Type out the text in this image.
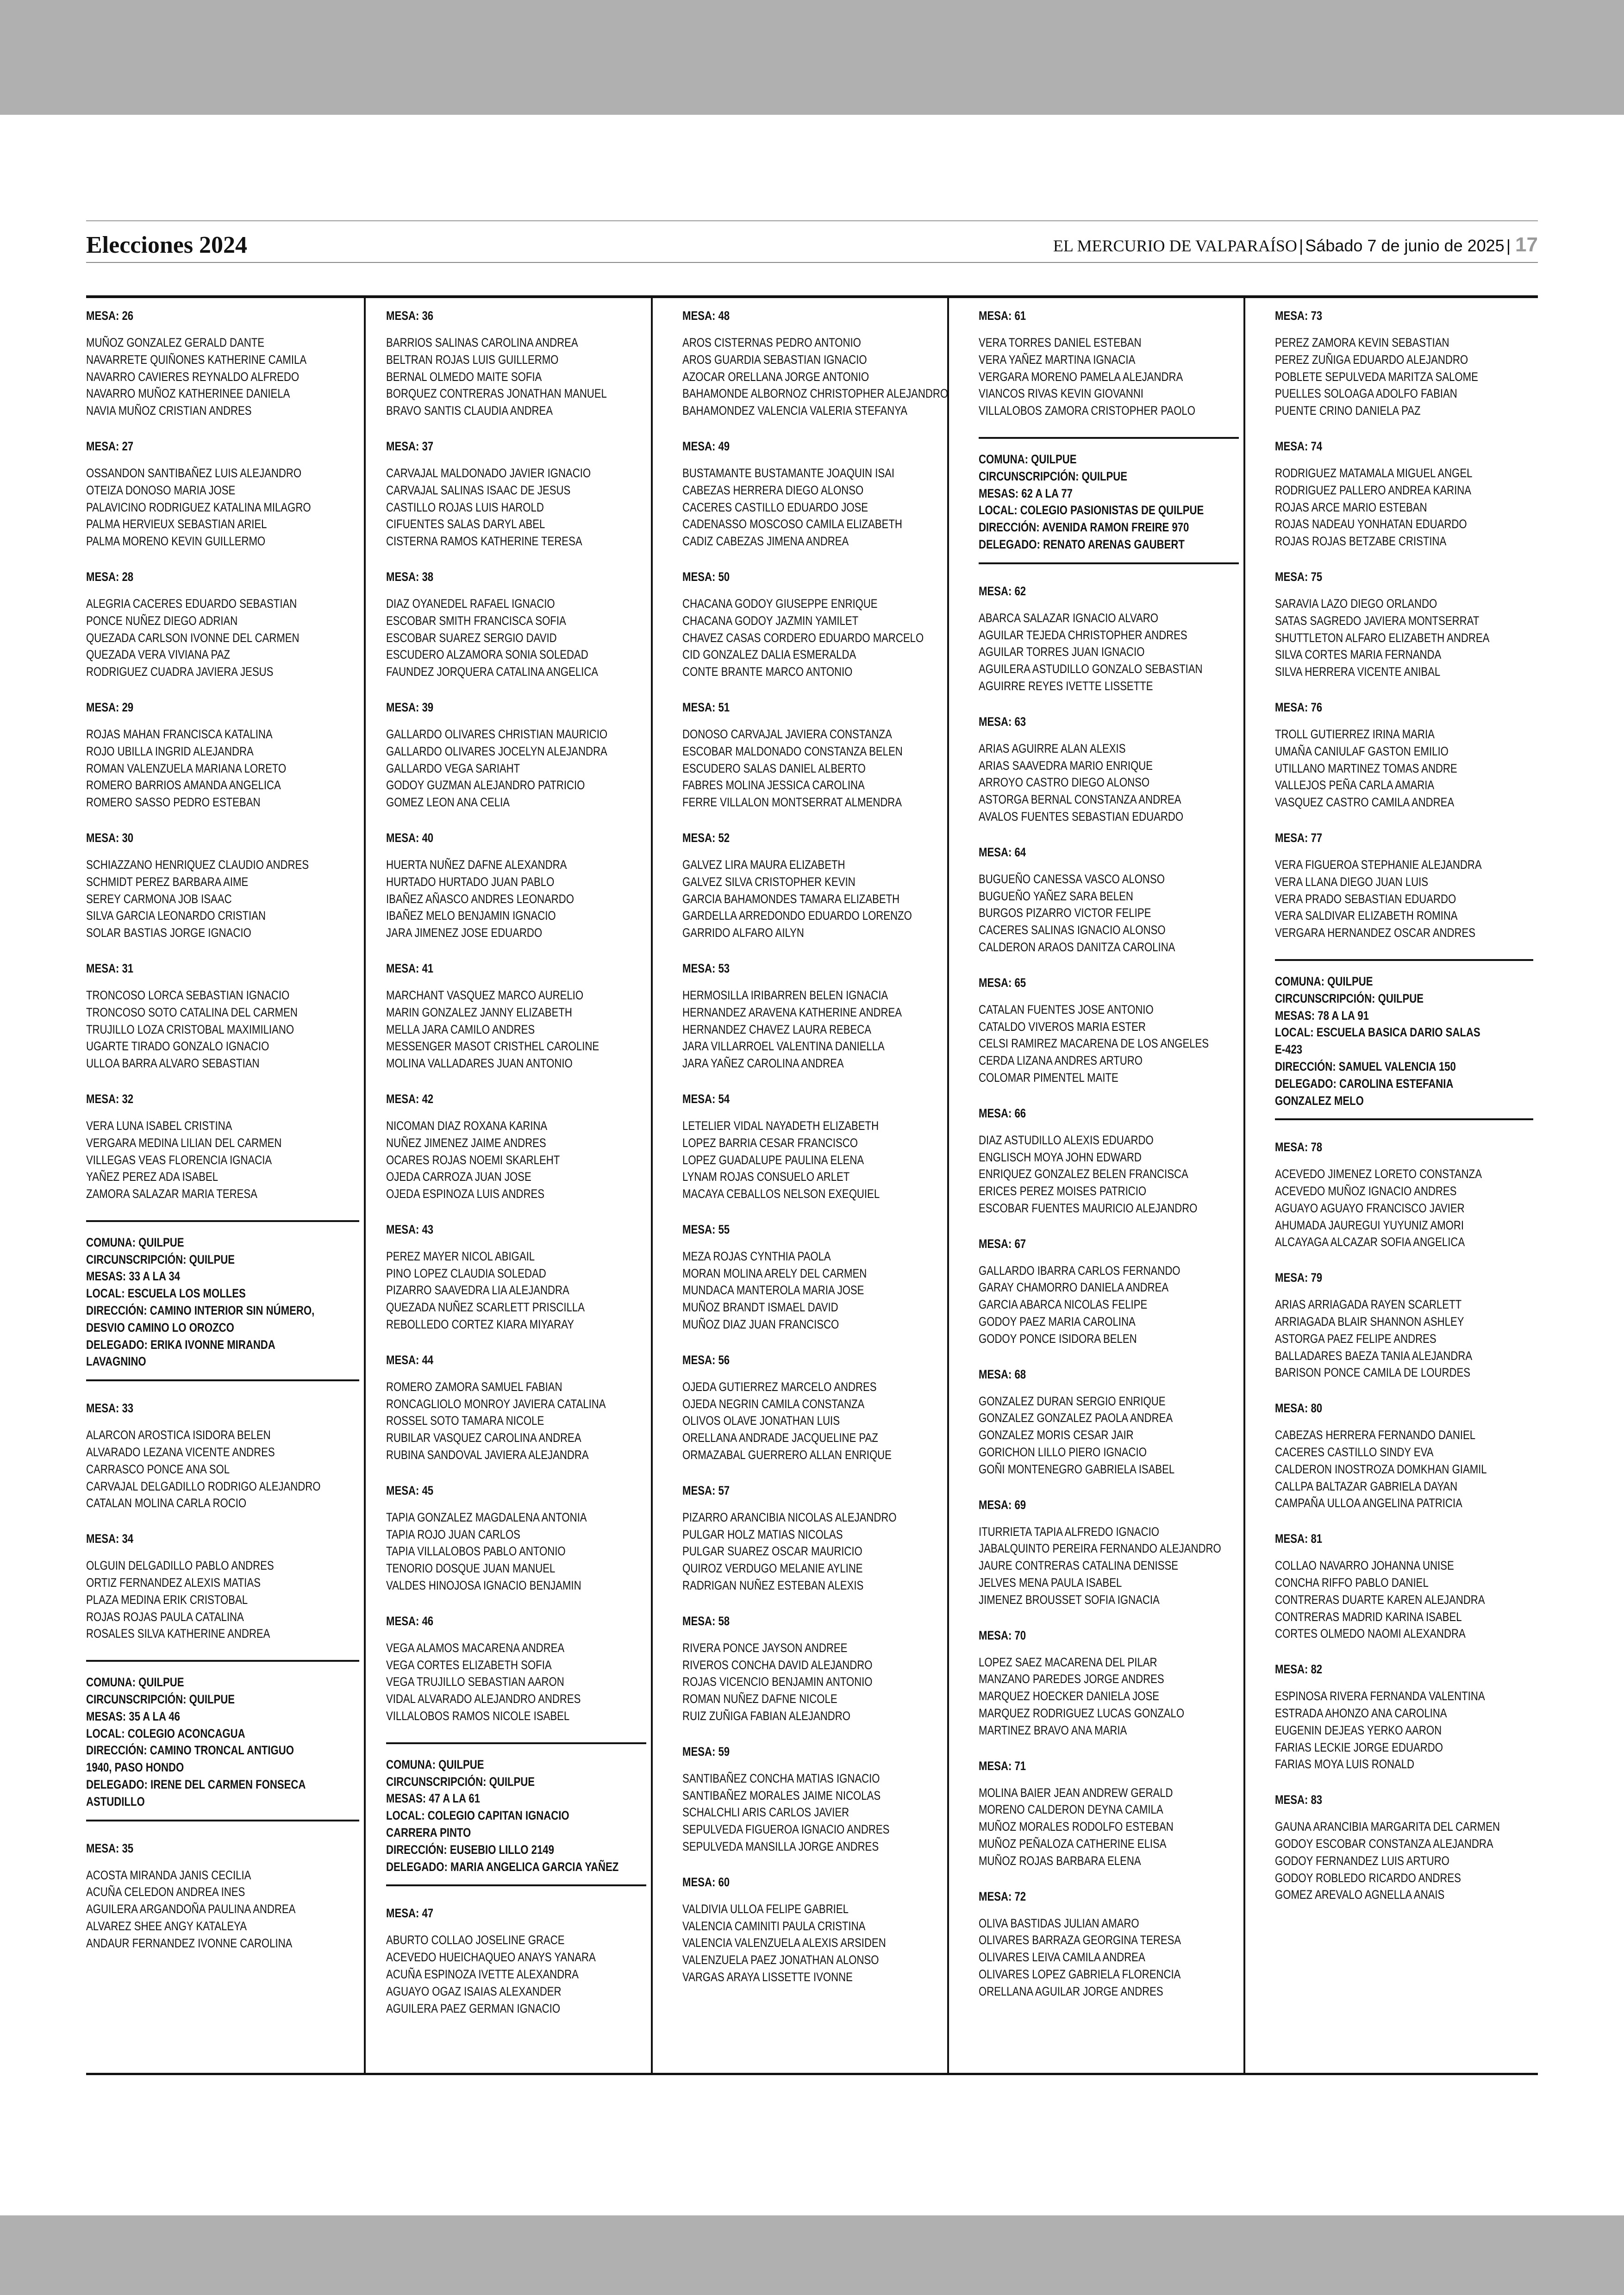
Elecciones 2024	EL MERCURIO DE VALPARAÍSO | Sábado 7 de junio de 2025 | 17
MESA: 26
MUÑOZ GONZALEZ GERALD DANTE
NAVARRETE QUIÑONES KATHERINE CAMILA
NAVARRO CAVIERES REYNALDO ALFREDO
NAVARRO MUÑOZ KATHERINEE DANIELA
NAVIA MUÑOZ CRISTIAN ANDRES
MESA: 27
OSSANDON SANTIBAÑEZ LUIS ALEJANDRO
OTEIZA DONOSO MARIA JOSE
PALAVICINO RODRIGUEZ KATALINA MILAGRO
PALMA HERVIEUX SEBASTIAN ARIEL
PALMA MORENO KEVIN GUILLERMO
MESA: 28
ALEGRIA CACERES EDUARDO SEBASTIAN
PONCE NUÑEZ DIEGO ADRIAN
QUEZADA CARLSON IVONNE DEL CARMEN
QUEZADA VERA VIVIANA PAZ
RODRIGUEZ CUADRA JAVIERA JESUS
MESA: 29
ROJAS MAHAN FRANCISCA KATALINA
ROJO UBILLA INGRID ALEJANDRA
ROMAN VALENZUELA MARIANA LORETO
ROMERO BARRIOS AMANDA ANGELICA
ROMERO SASSO PEDRO ESTEBAN
MESA: 30
SCHIAZZANO HENRIQUEZ CLAUDIO ANDRES
SCHMIDT PEREZ BARBARA AIME
SEREY CARMONA JOB ISAAC
SILVA GARCIA LEONARDO CRISTIAN
SOLAR BASTIAS JORGE IGNACIO
MESA: 31
TRONCOSO LORCA SEBASTIAN IGNACIO
TRONCOSO SOTO CATALINA DEL CARMEN
TRUJILLO LOZA CRISTOBAL MAXIMILIANO
UGARTE TIRADO GONZALO IGNACIO
ULLOA BARRA ALVARO SEBASTIAN
MESA: 32
VERA LUNA ISABEL CRISTINA
VERGARA MEDINA LILIAN DEL CARMEN
VILLEGAS VEAS FLORENCIA IGNACIA
YAÑEZ PEREZ ADA ISABEL
ZAMORA SALAZAR MARIA TERESA
COMUNA: QUILPUE
CIRCUNSCRIPCIÓN: QUILPUE
MESAS: 33 A LA 34
LOCAL: ESCUELA LOS MOLLES
DIRECCIÓN: CAMINO INTERIOR SIN NÚMERO,
DESVIO CAMINO LO OROZCO
DELEGADO: ERIKA IVONNE MIRANDA
LAVAGNINO
MESA: 33
ALARCON AROSTICA ISIDORA BELEN
ALVARADO LEZANA VICENTE ANDRES
CARRASCO PONCE ANA SOL
CARVAJAL DELGADILLO RODRIGO ALEJANDRO
CATALAN MOLINA CARLA ROCIO
MESA: 34
OLGUIN DELGADILLO PABLO ANDRES
ORTIZ FERNANDEZ ALEXIS MATIAS
PLAZA MEDINA ERIK CRISTOBAL
ROJAS ROJAS PAULA CATALINA
ROSALES SILVA KATHERINE ANDREA
COMUNA: QUILPUE
CIRCUNSCRIPCIÓN: QUILPUE
MESAS: 35 A LA 46
LOCAL: COLEGIO ACONCAGUA
DIRECCIÓN: CAMINO TRONCAL ANTIGUO
1940, PASO HONDO
DELEGADO: IRENE DEL CARMEN FONSECA
ASTUDILLO
MESA: 35
ACOSTA MIRANDA JANIS CECILIA
ACUÑA CELEDON ANDREA INES
AGUILERA ARGANDOÑA PAULINA ANDREA
ALVAREZ SHEE ANGY KATALEYA
ANDAUR FERNANDEZ IVONNE CAROLINA
MESA: 36
BARRIOS SALINAS CAROLINA ANDREA
BELTRAN ROJAS LUIS GUILLERMO
BERNAL OLMEDO MAITE SOFIA
BORQUEZ CONTRERAS JONATHAN MANUEL
BRAVO SANTIS CLAUDIA ANDREA
MESA: 37
CARVAJAL MALDONADO JAVIER IGNACIO
CARVAJAL SALINAS ISAAC DE JESUS
CASTILLO ROJAS LUIS HAROLD
CIFUENTES SALAS DARYL ABEL
CISTERNA RAMOS KATHERINE TERESA
MESA: 38
DIAZ OYANEDEL RAFAEL IGNACIO
ESCOBAR SMITH FRANCISCA SOFIA
ESCOBAR SUAREZ SERGIO DAVID
ESCUDERO ALZAMORA SONIA SOLEDAD
FAUNDEZ JORQUERA CATALINA ANGELICA
MESA: 39
GALLARDO OLIVARES CHRISTIAN MAURICIO
GALLARDO OLIVARES JOCELYN ALEJANDRA
GALLARDO VEGA SARIAHT
GODOY GUZMAN ALEJANDRO PATRICIO
GOMEZ LEON ANA CELIA
MESA: 40
HUERTA NUÑEZ DAFNE ALEXANDRA
HURTADO HURTADO JUAN PABLO
IBAÑEZ AÑASCO ANDRES LEONARDO
IBAÑEZ MELO BENJAMIN IGNACIO
JARA JIMENEZ JOSE EDUARDO
MESA: 41
MARCHANT VASQUEZ MARCO AURELIO
MARIN GONZALEZ JANNY ELIZABETH
MELLA JARA CAMILO ANDRES
MESSENGER MASOT CRISTHEL CAROLINE
MOLINA VALLADARES JUAN ANTONIO
MESA: 42
NICOMAN DIAZ ROXANA KARINA
NUÑEZ JIMENEZ JAIME ANDRES
OCARES ROJAS NOEMI SKARLEHT
OJEDA CARROZA JUAN JOSE
OJEDA ESPINOZA LUIS ANDRES
MESA: 43
PEREZ MAYER NICOL ABIGAIL
PINO LOPEZ CLAUDIA SOLEDAD
PIZARRO SAAVEDRA LIA ALEJANDRA
QUEZADA NUÑEZ SCARLETT PRISCILLA
REBOLLEDO CORTEZ KIARA MIYARAY
MESA: 44
ROMERO ZAMORA SAMUEL FABIAN
RONCAGLIOLO MONROY JAVIERA CATALINA
ROSSEL SOTO TAMARA NICOLE
RUBILAR VASQUEZ CAROLINA ANDREA
RUBINA SANDOVAL JAVIERA ALEJANDRA
MESA: 45
TAPIA GONZALEZ MAGDALENA ANTONIA
TAPIA ROJO JUAN CARLOS
TAPIA VILLALOBOS PABLO ANTONIO
TENORIO DOSQUE JUAN MANUEL
VALDES HINOJOSA IGNACIO BENJAMIN
MESA: 46
VEGA ALAMOS MACARENA ANDREA
VEGA CORTES ELIZABETH SOFIA
VEGA TRUJILLO SEBASTIAN AARON
VIDAL ALVARADO ALEJANDRO ANDRES
VILLALOBOS RAMOS NICOLE ISABEL
COMUNA: QUILPUE
CIRCUNSCRIPCIÓN: QUILPUE
MESAS: 47 A LA 61
LOCAL: COLEGIO CAPITAN IGNACIO
CARRERA PINTO
DIRECCIÓN: EUSEBIO LILLO 2149
DELEGADO: MARIA ANGELICA GARCIA YAÑEZ
MESA: 47
ABURTO COLLAO JOSELINE GRACE
ACEVEDO HUEICHAQUEO ANAYS YANARA
ACUÑA ESPINOZA IVETTE ALEXANDRA
AGUAYO OGAZ ISAIAS ALEXANDER
AGUILERA PAEZ GERMAN IGNACIO
MESA: 48
AROS CISTERNAS PEDRO ANTONIO
AROS GUARDIA SEBASTIAN IGNACIO
AZOCAR ORELLANA JORGE ANTONIO
BAHAMONDE ALBORNOZ CHRISTOPHER ALEJANDRO
BAHAMONDEZ VALENCIA VALERIA STEFANYA
MESA: 49
BUSTAMANTE BUSTAMANTE JOAQUIN ISAI
CABEZAS HERRERA DIEGO ALONSO
CACERES CASTILLO EDUARDO JOSE
CADENASSO MOSCOSO CAMILA ELIZABETH
CADIZ CABEZAS JIMENA ANDREA
MESA: 50
CHACANA GODOY GIUSEPPE ENRIQUE
CHACANA GODOY JAZMIN YAMILET
CHAVEZ CASAS CORDERO EDUARDO MARCELO
CID GONZALEZ DALIA ESMERALDA
CONTE BRANTE MARCO ANTONIO
MESA: 51
DONOSO CARVAJAL JAVIERA CONSTANZA
ESCOBAR MALDONADO CONSTANZA BELEN
ESCUDERO SALAS DANIEL ALBERTO
FABRES MOLINA JESSICA CAROLINA
FERRE VILLALON MONTSERRAT ALMENDRA
MESA: 52
GALVEZ LIRA MAURA ELIZABETH
GALVEZ SILVA CRISTOPHER KEVIN
GARCIA BAHAMONDES TAMARA ELIZABETH
GARDELLA ARREDONDO EDUARDO LORENZO
GARRIDO ALFARO AILYN
MESA: 53
HERMOSILLA IRIBARREN BELEN IGNACIA
HERNANDEZ ARAVENA KATHERINE ANDREA
HERNANDEZ CHAVEZ LAURA REBECA
JARA VILLARROEL VALENTINA DANIELLA
JARA YAÑEZ CAROLINA ANDREA
MESA: 54
LETELIER VIDAL NAYADETH ELIZABETH
LOPEZ BARRIA CESAR FRANCISCO
LOPEZ GUADALUPE PAULINA ELENA
LYNAM ROJAS CONSUELO ARLET
MACAYA CEBALLOS NELSON EXEQUIEL
MESA: 55
MEZA ROJAS CYNTHIA PAOLA
MORAN MOLINA ARELY DEL CARMEN
MUNDACA MANTEROLA MARIA JOSE
MUÑOZ BRANDT ISMAEL DAVID
MUÑOZ DIAZ JUAN FRANCISCO
MESA: 56
OJEDA GUTIERREZ MARCELO ANDRES
OJEDA NEGRIN CAMILA CONSTANZA
OLIVOS OLAVE JONATHAN LUIS
ORELLANA ANDRADE JACQUELINE PAZ
ORMAZABAL GUERRERO ALLAN ENRIQUE
MESA: 57
PIZARRO ARANCIBIA NICOLAS ALEJANDRO
PULGAR HOLZ MATIAS NICOLAS
PULGAR SUAREZ OSCAR MAURICIO
QUIROZ VERDUGO MELANIE AYLINE
RADRIGAN NUÑEZ ESTEBAN ALEXIS
MESA: 58
RIVERA PONCE JAYSON ANDREE
RIVEROS CONCHA DAVID ALEJANDRO
ROJAS VICENCIO BENJAMIN ANTONIO
ROMAN NUÑEZ DAFNE NICOLE
RUIZ ZUÑIGA FABIAN ALEJANDRO
MESA: 59
SANTIBAÑEZ CONCHA MATIAS IGNACIO
SANTIBAÑEZ MORALES JAIME NICOLAS
SCHALCHLI ARIS CARLOS JAVIER
SEPULVEDA FIGUEROA IGNACIO ANDRES
SEPULVEDA MANSILLA JORGE ANDRES
MESA: 60
VALDIVIA ULLOA FELIPE GABRIEL
VALENCIA CAMINITI PAULA CRISTINA
VALENCIA VALENZUELA ALEXIS ARSIDEN
VALENZUELA PAEZ JONATHAN ALONSO
VARGAS ARAYA LISSETTE IVONNE
MESA: 61
VERA TORRES DANIEL ESTEBAN
VERA YAÑEZ MARTINA IGNACIA
VERGARA MORENO PAMELA ALEJANDRA
VIANCOS RIVAS KEVIN GIOVANNI
VILLALOBOS ZAMORA CRISTOPHER PAOLO
COMUNA: QUILPUE
CIRCUNSCRIPCIÓN: QUILPUE
MESAS: 62 A LA 77
LOCAL: COLEGIO PASIONISTAS DE QUILPUE
DIRECCIÓN: AVENIDA RAMON FREIRE 970
DELEGADO: RENATO ARENAS GAUBERT
MESA: 62
ABARCA SALAZAR IGNACIO ALVARO
AGUILAR TEJEDA CHRISTOPHER ANDRES
AGUILAR TORRES JUAN IGNACIO
AGUILERA ASTUDILLO GONZALO SEBASTIAN
AGUIRRE REYES IVETTE LISSETTE
MESA: 63
ARIAS AGUIRRE ALAN ALEXIS
ARIAS SAAVEDRA MARIO ENRIQUE
ARROYO CASTRO DIEGO ALONSO
ASTORGA BERNAL CONSTANZA ANDREA
AVALOS FUENTES SEBASTIAN EDUARDO
MESA: 64
BUGUEÑO CANESSA VASCO ALONSO
BUGUEÑO YAÑEZ SARA BELEN
BURGOS PIZARRO VICTOR FELIPE
CACERES SALINAS IGNACIO ALONSO
CALDERON ARAOS DANITZA CAROLINA
MESA: 65
CATALAN FUENTES JOSE ANTONIO
CATALDO VIVEROS MARIA ESTER
CELSI RAMIREZ MACARENA DE LOS ANGELES
CERDA LIZANA ANDRES ARTURO
COLOMAR PIMENTEL MAITE
MESA: 66
DIAZ ASTUDILLO ALEXIS EDUARDO
ENGLISCH MOYA JOHN EDWARD
ENRIQUEZ GONZALEZ BELEN FRANCISCA
ERICES PEREZ MOISES PATRICIO
ESCOBAR FUENTES MAURICIO ALEJANDRO
MESA: 67
GALLARDO IBARRA CARLOS FERNANDO
GARAY CHAMORRO DANIELA ANDREA
GARCIA ABARCA NICOLAS FELIPE
GODOY PAEZ MARIA CAROLINA
GODOY PONCE ISIDORA BELEN
MESA: 68
GONZALEZ DURAN SERGIO ENRIQUE
GONZALEZ GONZALEZ PAOLA ANDREA
GONZALEZ MORIS CESAR JAIR
GORICHON LILLO PIERO IGNACIO
GOÑI MONTENEGRO GABRIELA ISABEL
MESA: 69
ITURRIETA TAPIA ALFREDO IGNACIO
JABALQUINTO PEREIRA FERNANDO ALEJANDRO
JAURE CONTRERAS CATALINA DENISSE
JELVES MENA PAULA ISABEL
JIMENEZ BROUSSET SOFIA IGNACIA
MESA: 70
LOPEZ SAEZ MACARENA DEL PILAR
MANZANO PAREDES JORGE ANDRES
MARQUEZ HOECKER DANIELA JOSE
MARQUEZ RODRIGUEZ LUCAS GONZALO
MARTINEZ BRAVO ANA MARIA
MESA: 71
MOLINA BAIER JEAN ANDREW GERALD
MORENO CALDERON DEYNA CAMILA
MUÑOZ MORALES RODOLFO ESTEBAN
MUÑOZ PEÑALOZA CATHERINE ELISA
MUÑOZ ROJAS BARBARA ELENA
MESA: 72
OLIVA BASTIDAS JULIAN AMARO
OLIVARES BARRAZA GEORGINA TERESA
OLIVARES LEIVA CAMILA ANDREA
OLIVARES LOPEZ GABRIELA FLORENCIA
ORELLANA AGUILAR JORGE ANDRES
MESA: 73
PEREZ ZAMORA KEVIN SEBASTIAN
PEREZ ZUÑIGA EDUARDO ALEJANDRO
POBLETE SEPULVEDA MARITZA SALOME
PUELLES SOLOAGA ADOLFO FABIAN
PUENTE CRINO DANIELA PAZ
MESA: 74
RODRIGUEZ MATAMALA MIGUEL ANGEL
RODRIGUEZ PALLERO ANDREA KARINA
ROJAS ARCE MARIO ESTEBAN
ROJAS NADEAU YONHATAN EDUARDO
ROJAS ROJAS BETZABE CRISTINA
MESA: 75
SARAVIA LAZO DIEGO ORLANDO
SATAS SAGREDO JAVIERA MONTSERRAT
SHUTTLETON ALFARO ELIZABETH ANDREA
SILVA CORTES MARIA FERNANDA
SILVA HERRERA VICENTE ANIBAL
MESA: 76
TROLL GUTIERREZ IRINA MARIA
UMAÑA CANIULAF GASTON EMILIO
UTILLANO MARTINEZ TOMAS ANDRE
VALLEJOS PEÑA CARLA AMARIA
VASQUEZ CASTRO CAMILA ANDREA
MESA: 77
VERA FIGUEROA STEPHANIE ALEJANDRA
VERA LLANA DIEGO JUAN LUIS
VERA PRADO SEBASTIAN EDUARDO
VERA SALDIVAR ELIZABETH ROMINA
VERGARA HERNANDEZ OSCAR ANDRES
COMUNA: QUILPUE
CIRCUNSCRIPCIÓN: QUILPUE
MESAS: 78 A LA 91
LOCAL: ESCUELA BASICA DARIO SALAS
E-423
DIRECCIÓN: SAMUEL VALENCIA 150
DELEGADO: CAROLINA ESTEFANIA
GONZALEZ MELO
MESA: 78
ACEVEDO JIMENEZ LORETO CONSTANZA
ACEVEDO MUÑOZ IGNACIO ANDRES
AGUAYO AGUAYO FRANCISCO JAVIER
AHUMADA JAUREGUI YUYUNIZ AMORI
ALCAYAGA ALCAZAR SOFIA ANGELICA
MESA: 79
ARIAS ARRIAGADA RAYEN SCARLETT
ARRIAGADA BLAIR SHANNON ASHLEY
ASTORGA PAEZ FELIPE ANDRES
BALLADARES BAEZA TANIA ALEJANDRA
BARISON PONCE CAMILA DE LOURDES
MESA: 80
CABEZAS HERRERA FERNANDO DANIEL
CACERES CASTILLO SINDY EVA
CALDERON INOSTROZA DOMKHAN GIAMIL
CALLPA BALTAZAR GABRIELA DAYAN
CAMPAÑA ULLOA ANGELINA PATRICIA
MESA: 81
COLLAO NAVARRO JOHANNA UNISE
CONCHA RIFFO PABLO DANIEL
CONTRERAS DUARTE KAREN ALEJANDRA
CONTRERAS MADRID KARINA ISABEL
CORTES OLMEDO NAOMI ALEXANDRA
MESA: 82
ESPINOSA RIVERA FERNANDA VALENTINA
ESTRADA AHONZO ANA CAROLINA
EUGENIN DEJEAS YERKO AARON
FARIAS LECKIE JORGE EDUARDO
FARIAS MOYA LUIS RONALD
MESA: 83
GAUNA ARANCIBIA MARGARITA DEL CARMEN
GODOY ESCOBAR CONSTANZA ALEJANDRA
GODOY FERNANDEZ LUIS ARTURO
GODOY ROBLEDO RICARDO ANDRES
GOMEZ AREVALO AGNELLA ANAIS
